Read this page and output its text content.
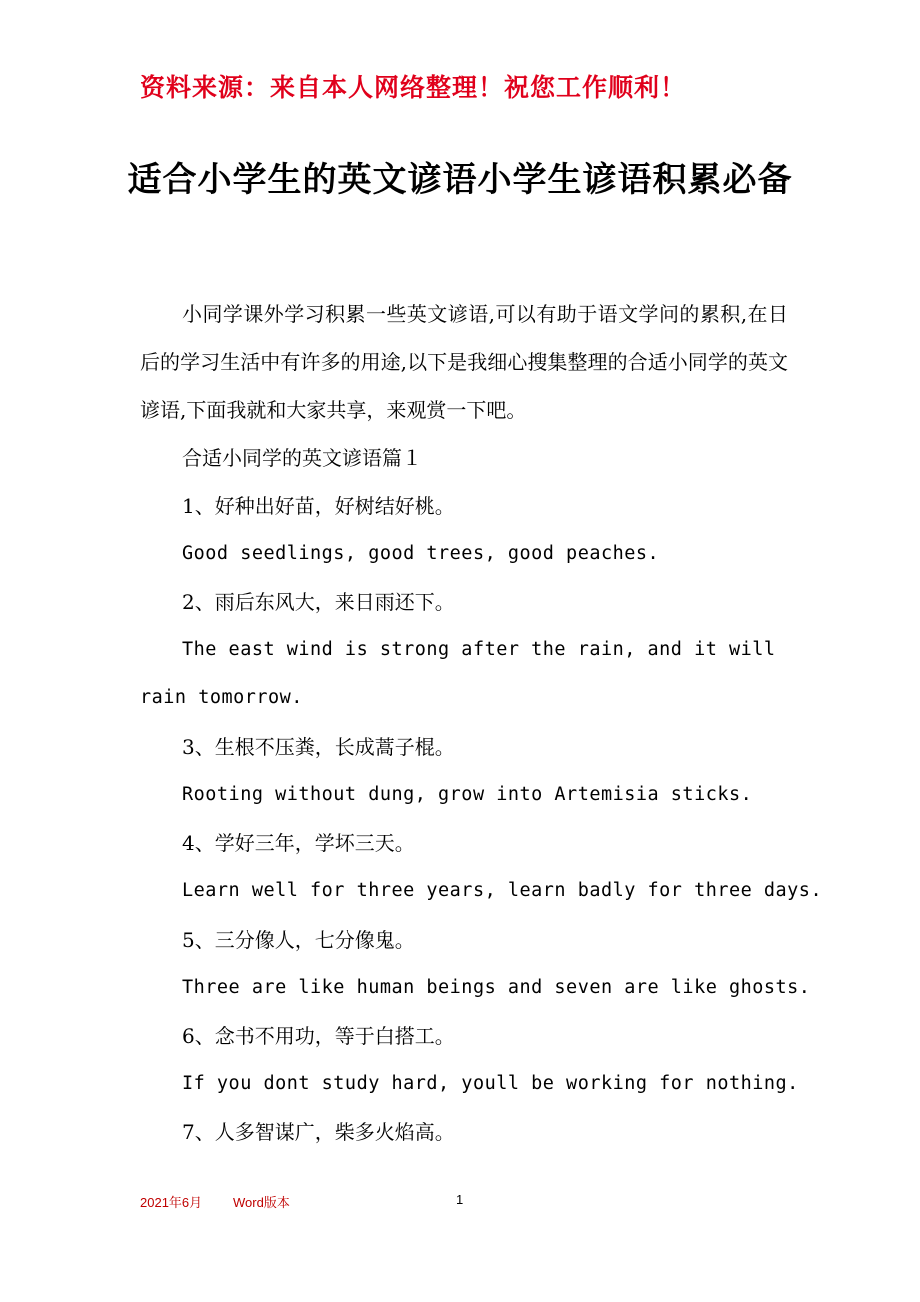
资料来源：来自本人网络整理！祝您工作顺利！
适合小学生的英文谚语小学生谚语积累必备
小同学课外学习积累一些英文谚语,可以有助于语文学问的累积,在日后的学习生活中有许多的用途,以下是我细心搜集整理的合适小同学的英文谚语,下面我就和大家共享，来观赏一下吧。
合适小同学的英文谚语篇１
1、好种出好苗，好树结好桃。
Good seedlings, good trees, good peaches.
2、雨后东风大，来日雨还下。
The east wind is strong after the rain, and it will rain tomorrow.
3、生根不压粪，长成蒿子棍。
Rooting without dung, grow into Artemisia sticks.
4、学好三年，学坏三天。
Learn well for three years, learn badly for three days.
5、三分像人，七分像鬼。
Three are like human beings and seven are like ghosts.
6、念书不用功，等于白搭工。
If you dont study hard, youll be working for nothing.
7、人多智谋广，柴多火焰高。
2021年6月 Word版本	1
